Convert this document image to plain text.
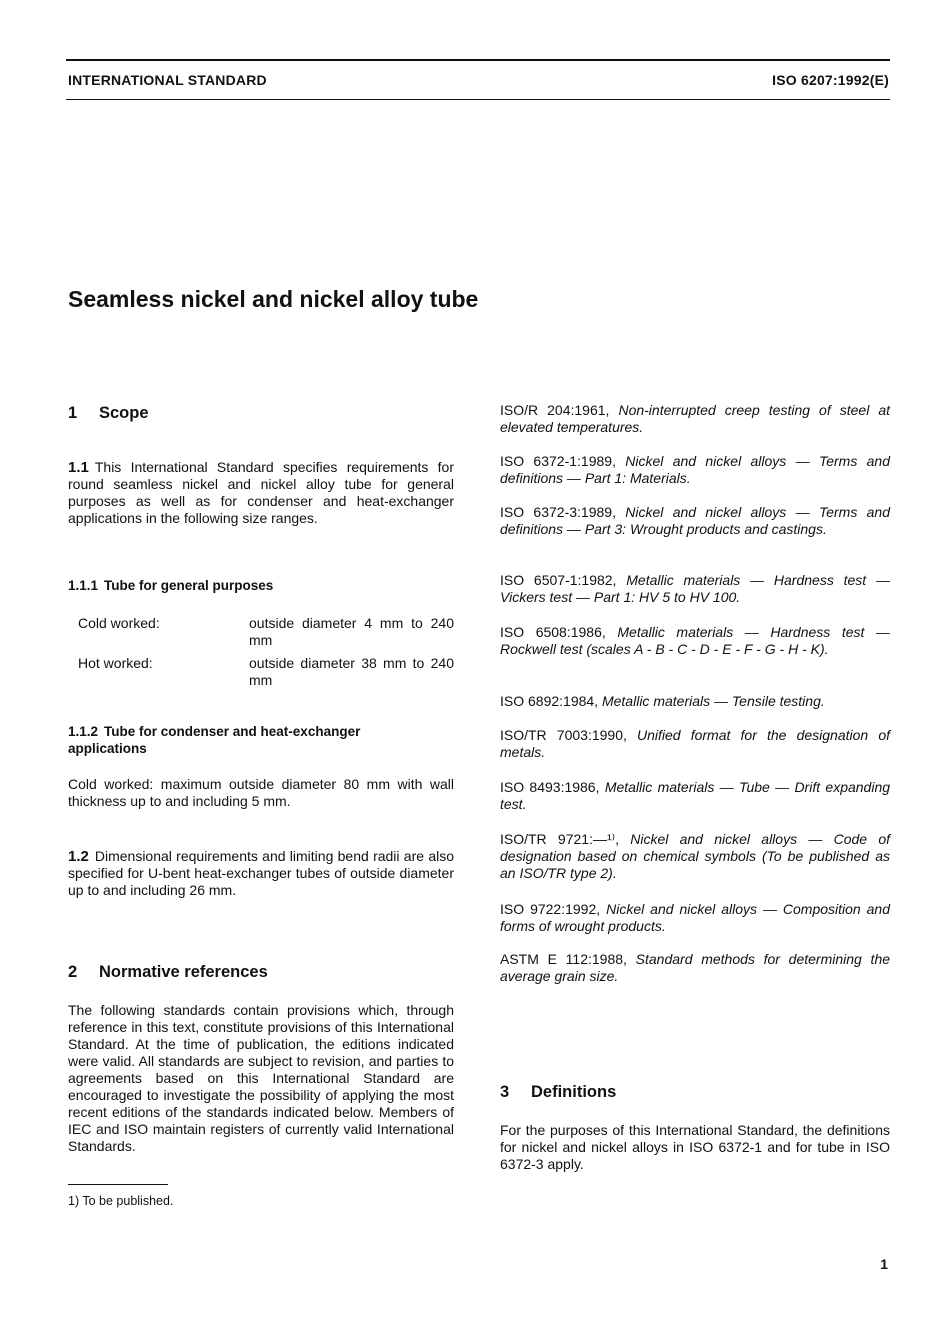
INTERNATIONAL STANDARD	ISO 6207:1992(E)
Seamless nickel and nickel alloy tube
1 Scope

1.1 This International Standard specifies requirements for round seamless nickel and nickel alloy tube for general purposes as well as for condenser and heat-exchanger applications in the following size ranges.

1.1.1 Tube for general purposes
Cold worked:	outside diameter 4 mm to 240 mm
Hot worked:	outside diameter 38 mm to 240 mm
1.1.2 Tube for condenser and heat-exchanger applications

Cold worked: maximum outside diameter 80 mm with wall thickness up to and including 5 mm.

1.2 Dimensional requirements and limiting bend radii are also specified for U-bent heat-exchanger tubes of outside diameter up to and including 26 mm.

2 Normative references

The following standards contain provisions which, through reference in this text, constitute provisions of this International Standard. At the time of publication, the editions indicated were valid. All standards are subject to revision, and parties to agreements based on this International Standard are encouraged to investigate the possibility of applying the most recent editions of the standards indicated below. Members of IEC and ISO maintain registers of currently valid International Standards.

ISO/R 204:1961, Non-interrupted creep testing of steel at elevated temperatures.

ISO 6372-1:1989, Nickel and nickel alloys — Terms and definitions — Part 1: Materials.

ISO 6372-3:1989, Nickel and nickel alloys — Terms and definitions — Part 3: Wrought products and castings.

ISO 6507-1:1982, Metallic materials — Hardness test — Vickers test — Part 1: HV 5 to HV 100.

ISO 6508:1986, Metallic materials — Hardness test — Rockwell test (scales A - B - C - D - E - F - G - H - K).

ISO 6892:1984, Metallic materials — Tensile testing.

ISO/TR 7003:1990, Unified format for the designation of metals.

ISO 8493:1986, Metallic materials — Tube — Drift expanding test.

ISO/TR 9721:—¹⁾, Nickel and nickel alloys — Code of designation based on chemical symbols (To be published as an ISO/TR type 2).

ISO 9722:1992, Nickel and nickel alloys — Composition and forms of wrought products.

ASTM E 112:1988, Standard methods for determining the average grain size.

3 Definitions

For the purposes of this International Standard, the definitions for nickel and nickel alloys in ISO 6372-1 and for tube in ISO 6372-3 apply.

1) To be published.
1
